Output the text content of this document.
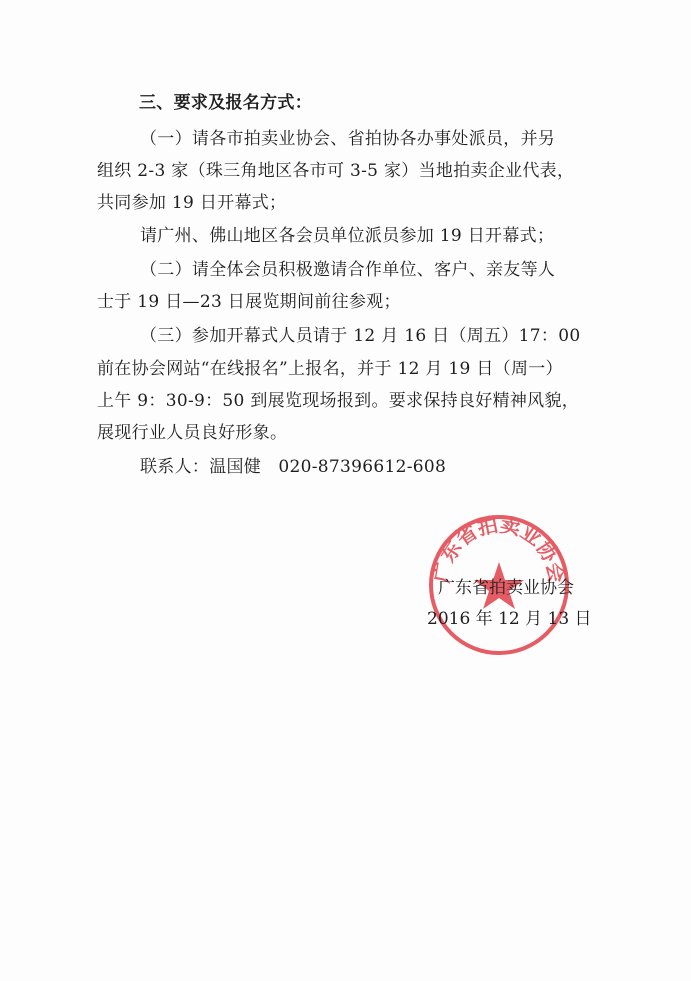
三、要求及报名方式：
（一）请各市拍卖业协会、省拍协各办事处派员，并另
组织 2-3 家（珠三角地区各市可 3-5 家）当地拍卖企业代表，
共同参加 19 日开幕式；
请广州、佛山地区各会员单位派员参加 19 日开幕式；
（二）请全体会员积极邀请合作单位、客户、亲友等人
士于 19 日—23 日展览期间前往参观；
（三）参加开幕式人员请于 12 月 16 日（周五）17：00
前在协会网站“在线报名”上报名，并于 12 月 19 日（周一）
上午 9：30-9：50 到展览现场报到。要求保持良好精神风貌，
展现行业人员良好形象。
联系人：温国健　020-87396612-608
广东省拍卖业协会
广东省拍卖业协会
2016 年 12 月 13 日
